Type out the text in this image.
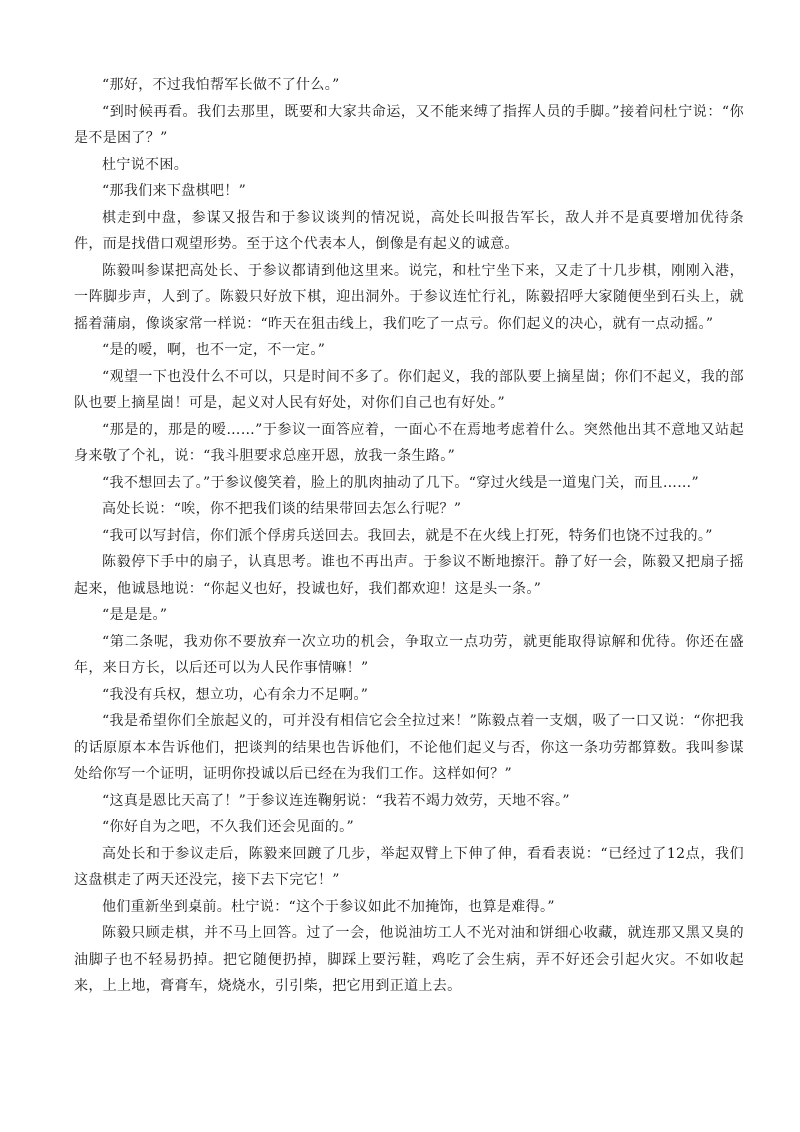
“那好，不过我怕帮军长做不了什么。”

“到时候再看。我们去那里，既要和大家共命运，又不能来缚了指挥人员的手脚。”接着问杜宁说：“你是不是困了？”

杜宁说不困。

“那我们来下盘棋吧！”

棋走到中盘，参谋又报告和于参议谈判的情况说，高处长叫报告军长，敌人并不是真要增加优待条件，而是找借口观望形势。至于这个代表本人，倒像是有起义的诚意。

陈毅叫参谋把高处长、于参议都请到他这里来。说完，和杜宁坐下来，又走了十几步棋，刚刚入港，一阵脚步声，人到了。陈毅只好放下棋，迎出洞外。于参议连忙行礼，陈毅招呼大家随便坐到石头上，就摇着蒲扇，像谈家常一样说：“昨天在狙击线上，我们吃了一点亏。你们起义的决心，就有一点动摇。”

“是的嗳，啊，也不一定，不一定。”

“观望一下也没什么不可以，只是时间不多了。你们起义，我的部队要上摘星崮；你们不起义，我的部队也要上摘星崮！可是，起义对人民有好处，对你们自己也有好处。”

“那是的，那是的嗳……”于参议一面答应着，一面心不在焉地考虑着什么。突然他出其不意地又站起身来敬了个礼，说：“我斗胆要求总座开恩，放我一条生路。”

“我不想回去了。”于参议傻笑着，脸上的肌肉抽动了几下。“穿过火线是一道鬼门关，而且……”

高处长说：“唉，你不把我们谈的结果带回去怎么行呢？”

“我可以写封信，你们派个俘虏兵送回去。我回去，就是不在火线上打死，特务们也饶不过我的。”

陈毅停下手中的扇子，认真思考。谁也不再出声。于参议不断地擦汗。静了好一会，陈毅又把扇子摇起来，他诚恳地说：“你起义也好，投诚也好，我们都欢迎！这是头一条。”

“是是是。”

“第二条呢，我劝你不要放弃一次立功的机会，争取立一点功劳，就更能取得谅解和优待。你还在盛年，来日方长，以后还可以为人民作事情嘛！”

“我没有兵权，想立功，心有余力不足啊。”

“我是希望你们全旅起义的，可并没有相信它会全拉过来！”陈毅点着一支烟，吸了一口又说：“你把我的话原原本本告诉他们，把谈判的结果也告诉他们，不论他们起义与否，你这一条功劳都算数。我叫参谋处给你写一个证明，证明你投诚以后已经在为我们工作。这样如何？”

“这真是恩比天高了！”于参议连连鞠躬说：“我若不竭力效劳，天地不容。”

“你好自为之吧，不久我们还会见面的。”

高处长和于参议走后，陈毅来回踱了几步，举起双臂上下伸了伸，看看表说：“已经过了12点，我们这盘棋走了两天还没完，接下去下完它！”

他们重新坐到桌前。杜宁说：“这个于参议如此不加掩饰，也算是难得。”

陈毅只顾走棋，并不马上回答。过了一会，他说油坊工人不光对油和饼细心收藏，就连那又黑又臭的油脚子也不轻易扔掉。把它随便扔掉，脚踩上要污鞋，鸡吃了会生病，弄不好还会引起火灾。不如收起来，上上地，膏膏车，烧烧水，引引柴，把它用到正道上去。
